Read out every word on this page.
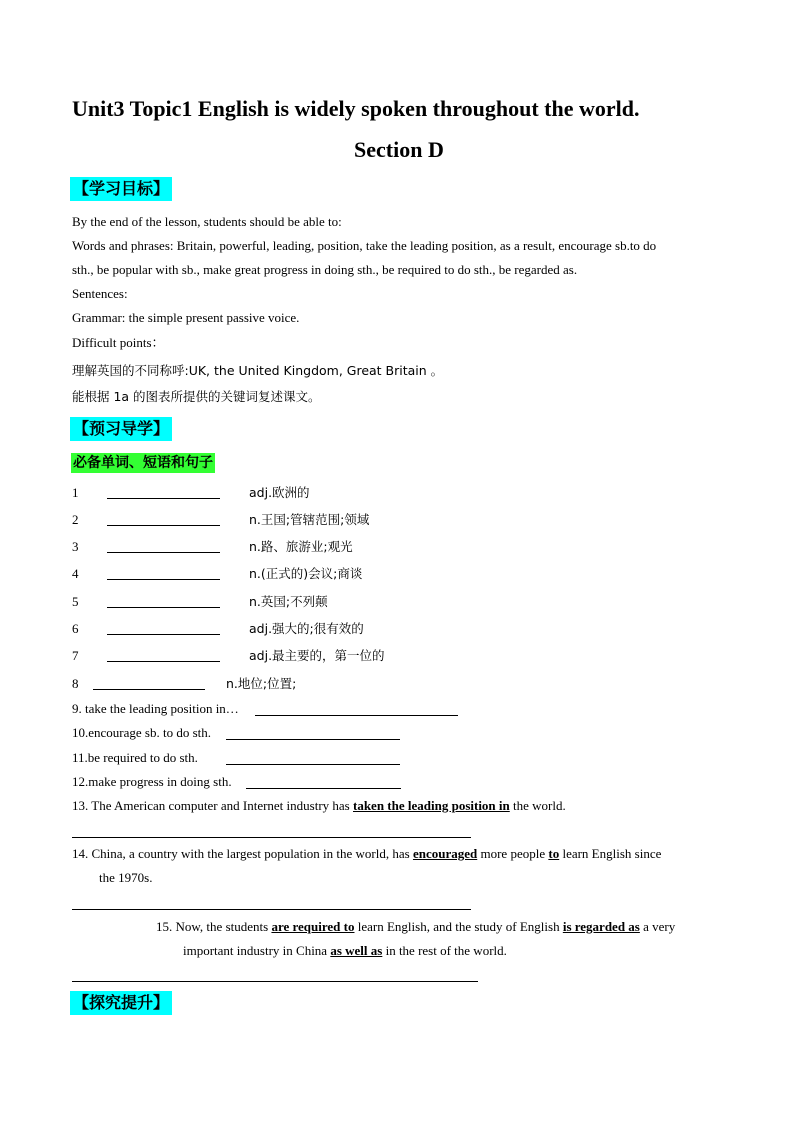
Unit3 Topic1 English is widely spoken throughout the world.
Section D
【学习目标】
By the end of the lesson, students should be able to:
Words and phrases: Britain, powerful, leading, position, take the leading position, as a result, encourage sb.to do
sth., be popular with sb., make great progress in doing sth., be required to do sth., be regarded as.
Sentences:
Grammar: the simple present passive voice.
Difficult points：
理解英国的不同称呼:UK, the United Kingdom, Great Britain 。
能根据 1a 的图表所提供的关键词复述课文。
【预习导学】
必备单词、短语和句子
1	adj.欧洲的
2	n.王国;管辖范围;领域
3	n.路、旅游业;观光
4	n.(正式的)会议;商谈
5	n.英国;不列颠
6	adj.强大的;很有效的
7	adj.最主要的，第一位的
8	n.地位;位置;
9. take the leading position in…
10.encourage sb. to do sth.
11.be required to do sth.
12.make progress in doing sth.
13. The American computer and Internet industry has taken the leading position in the world.
14. China, a country with the largest population in the world, has encouraged more people to learn English since
the 1970s.
15. Now, the students are required to learn English, and the study of English is regarded as a very
important industry in China as well as in the rest of the world.
【探究提升】
